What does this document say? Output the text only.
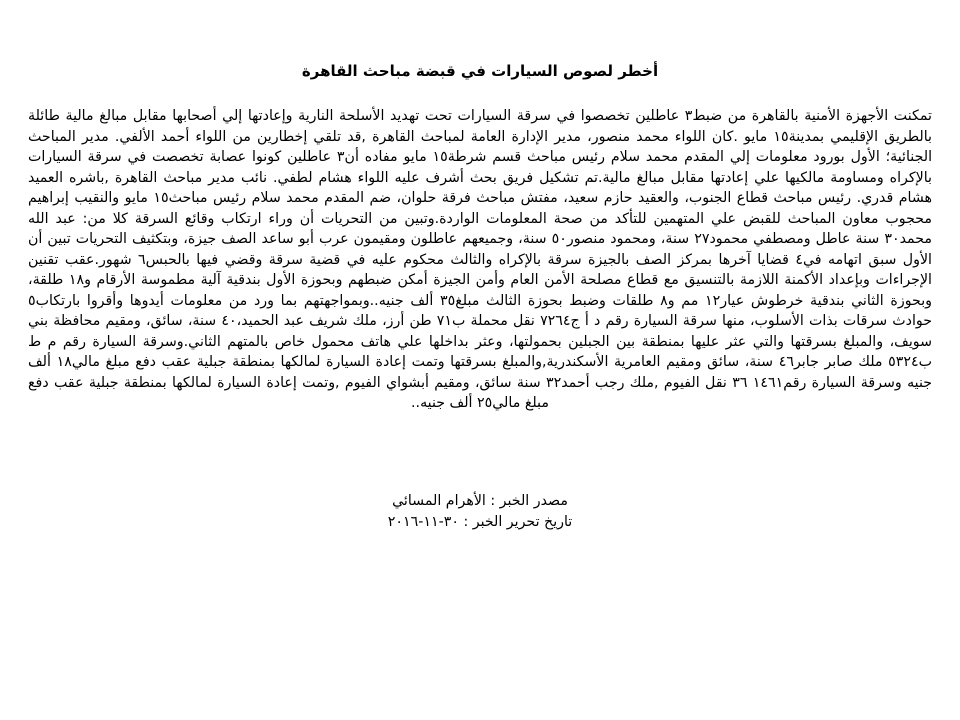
أخطر لصوص السيارات في قبضة مباحث القاهرة

تمكنت الأجهزة الأمنية بالقاهرة من ضبط٣ عاطلين تخصصوا في سرقة السيارات تحت تهديد الأسلحة النارية وإعادتها إلي أصحابها مقابل مبالغ مالية طائلة بالطريق الإقليمي بمدينة١٥ مايو .كان اللواء محمد منصور، مدير الإدارة العامة لمباحث القاهرة ,قد تلقي إخطارين من اللواء أحمد الألفي. مدير المباحث الجنائية؛ الأول بورود معلومات إلي المقدم محمد سلام رئيس مباحث قسم شرطة١٥ مايو مفاده أن٣ عاطلين كونوا عصابة تخصصت في سرقة السيارات بالإكراه ومساومة مالكيها علي إعادتها مقابل مبالغ مالية.تم تشكيل فريق بحث أشرف عليه اللواء هشام لطفي. نائب مدير مباحث القاهرة ,باشره العميد هشام قدري. رئيس مباحث قطاع الجنوب، والعقيد حازم سعيد، مفتش مباحث فرقة حلوان، ضم المقدم محمد سلام رئيس مباحث١٥ مايو والنقيب إبراهيم محجوب معاون المباحث للقبض علي المتهمين للتأكد من صحة المعلومات الواردة.وتبين من التحريات أن وراء ارتكاب وقائع السرقة كلا من: عبد الله محمد٣٠ سنة عاطل ومصطفي محمود٢٧ سنة، ومحمود منصور٥٠ سنة، وجميعهم عاطلون ومقيمون عرب أبو ساعد الصف جيزة، وبتكثيف التحريات تبين أن الأول سبق اتهامه في٤ قضايا آخرها بمركز الصف بالجيزة سرقة بالإكراه والثالث محكوم عليه في قضية سرقة وقضي فيها بالحبس٦ شهور.عقب تقنين الإجراءات وبإعداد الأكمنة اللازمة بالتنسيق مع قطاع مصلحة الأمن العام وأمن الجيزة أمكن ضبطهم وبحوزة الأول بندقية آلية مطموسة الأرقام و١٨ طلقة، وبحوزة الثاني بندقية خرطوش عيار١٢ مم و٨ طلقات وضبط بحوزة الثالث مبلغ٣٥ ألف جنيه..وبمواجهتهم بما ورد من معلومات أيدوها وأقروا بارتكاب٥ حوادث سرقات بذات الأسلوب، منها سرقة السيارة رقم د أ ج٧٢٦٤ نقل محملة ب٧١ طن أرز، ملك شريف عبد الحميد،٤٠ سنة، سائق، ومقيم محافظة بني سويف، والمبلغ بسرقتها والتي عثر عليها بمنطقة بين الجبلين بحمولتها، وعثر بداخلها علي هاتف محمول خاص بالمتهم الثاني.وسرقة السيارة رقم م ط ب٥٣٢٤ ملك صابر جابر٤٦ سنة، سائق ومقيم العامرية الأسكندرية,والمبلغ بسرقتها وتمت إعادة السيارة لمالكها بمنطقة جبلية عقب دفع مبلغ مالي١٨ ألف جنيه وسرقة السيارة رقم١٤٦١ ٣٦ نقل الفيوم ,ملك رجب أحمد٣٢ سنة سائق، ومقيم أبشواي الفيوم ,وتمت إعادة السيارة لمالكها بمنطقة جبلية عقب دفع مبلغ مالي٢٥ ألف جنيه..

مصدر الخبر : الأهرام المسائي
تاريخ تحرير الخبر : ٣٠-١١-٢٠١٦
